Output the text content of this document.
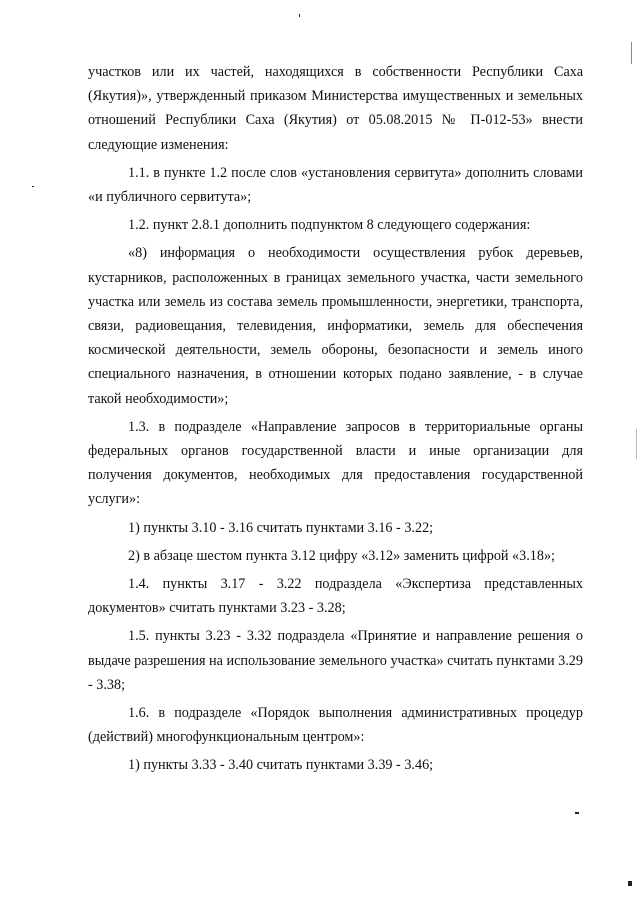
участков или их частей, находящихся в собственности Республики Саха (Якутия)», утвержденный приказом Министерства имущественных и земельных отношений Республики Саха (Якутия) от 05.08.2015 № П-012-53» внести следующие изменения:

1.1. в пункте 1.2 после слов «установления сервитута» дополнить словами «и публичного сервитута»;

1.2. пункт 2.8.1 дополнить подпунктом 8 следующего содержания:

«8) информация о необходимости осуществления рубок деревьев, кустарников, расположенных в границах земельного участка, части земельного участка или земель из состава земель промышленности, энергетики, транспорта, связи, радиовещания, телевидения, информатики, земель для обеспечения космической деятельности, земель обороны, безопасности и земель иного специального назначения, в отношении которых подано заявление, - в случае такой необходимости»;

1.3. в подразделе «Направление запросов в территориальные органы федеральных органов государственной власти и иные организации для получения документов, необходимых для предоставления государственной услуги»:

1) пункты 3.10 - 3.16 считать пунктами 3.16 - 3.22;

2) в абзаце шестом пункта 3.12 цифру «3.12» заменить цифрой «3.18»;

1.4. пункты 3.17 - 3.22 подраздела «Экспертиза представленных документов» считать пунктами 3.23 - 3.28;

1.5. пункты 3.23 - 3.32 подраздела «Принятие и направление решения о выдаче разрешения на использование земельного участка» считать пунктами 3.29 - 3.38;

1.6. в подразделе «Порядок выполнения административных процедур (действий) многофункциональным центром»:

1) пункты 3.33 - 3.40 считать пунктами 3.39 - 3.46;
